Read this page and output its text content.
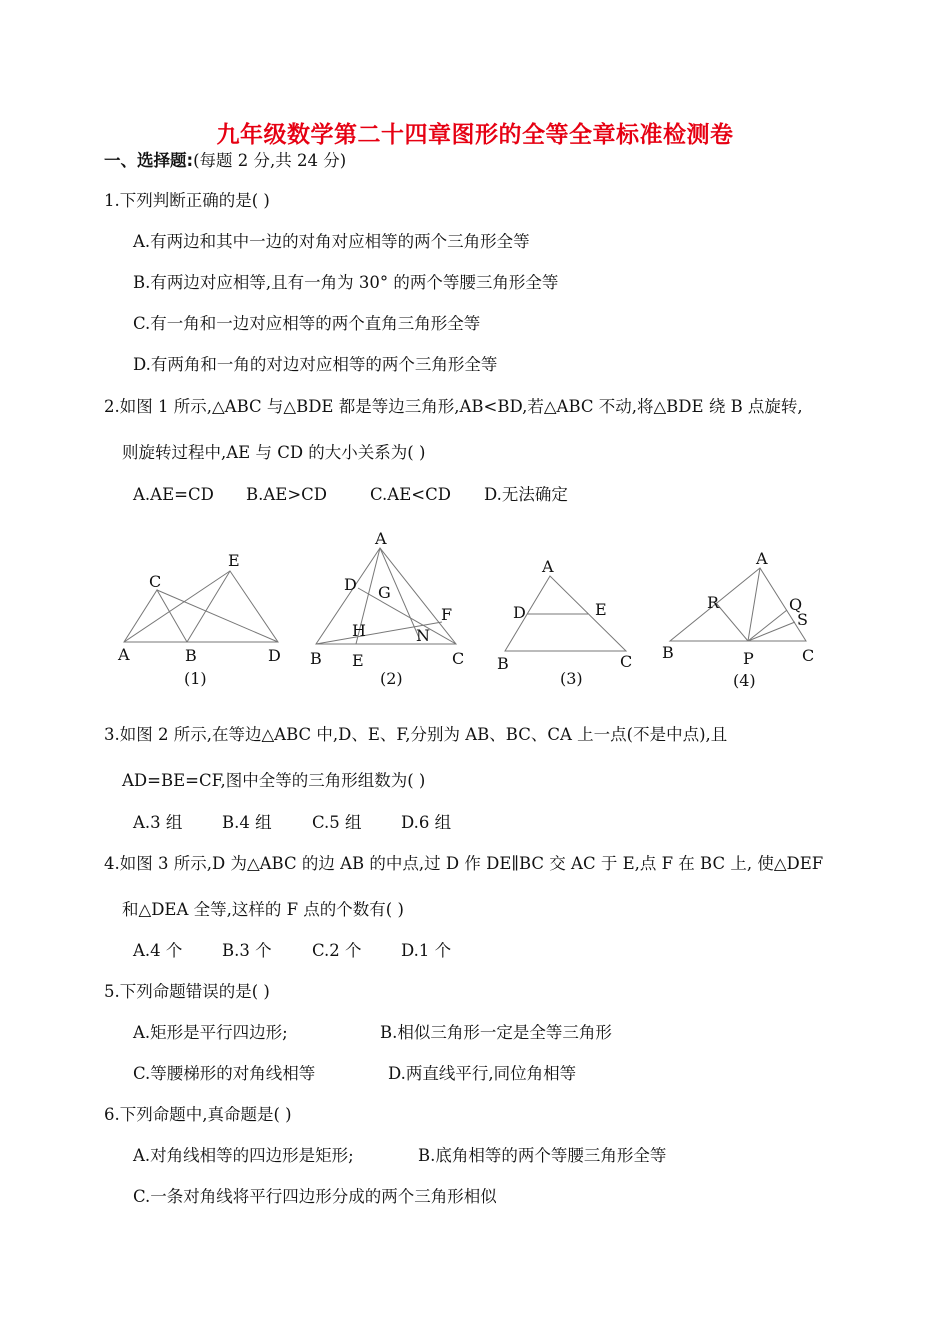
九年级数学第二十四章图形的全等全章标准检测卷
一、选择题:(每题 2 分,共 24 分)
1.下列判断正确的是( )
A.有两边和其中一边的对角对应相等的两个三角形全等
B.有两边对应相等,且有一角为 30° 的两个等腰三角形全等
C.有一角和一边对应相等的两个直角三角形全等
D.有两角和一角的对边对应相等的两个三角形全等
2.如图 1 所示,△ABC 与△BDE 都是等边三角形,AB<BD,若△ABC 不动,将△BDE 绕 B 点旋转,
则旋转过程中,AE 与 CD 的大小关系为( )
A.AE=CD B.AE>CD	C.AE<CD D.无法确定
A	B
C
D
E
(1)
A
B	C
D
E
F
G
H	N
(2)
A
B	C
D	E
(3)
A
B	C
P
Q
R
S
(4)
3.如图 2 所示,在等边△ABC 中,D、E、F,分别为 AB、BC、CA 上一点(不是中点),且
AD=BE=CF,图中全等的三角形组数为( )
A.3 组 B.4 组 C.5 组 D.6 组
4.如图 3 所示,D 为△ABC 的边 AB 的中点,过 D 作 DE∥BC 交 AC 于 E,点 F 在 BC 上, 使△DEF
和△DEA 全等,这样的 F 点的个数有( )
A.4 个 B.3 个 C.2 个 D.1 个
5.下列命题错误的是( )
A.矩形是平行四边形;	B.相似三角形一定是全等三角形
C.等腰梯形的对角线相等	D.两直线平行,同位角相等
6.下列命题中,真命题是( )
A.对角线相等的四边形是矩形;	B.底角相等的两个等腰三角形全等
C.一条对角线将平行四边形分成的两个三角形相似
